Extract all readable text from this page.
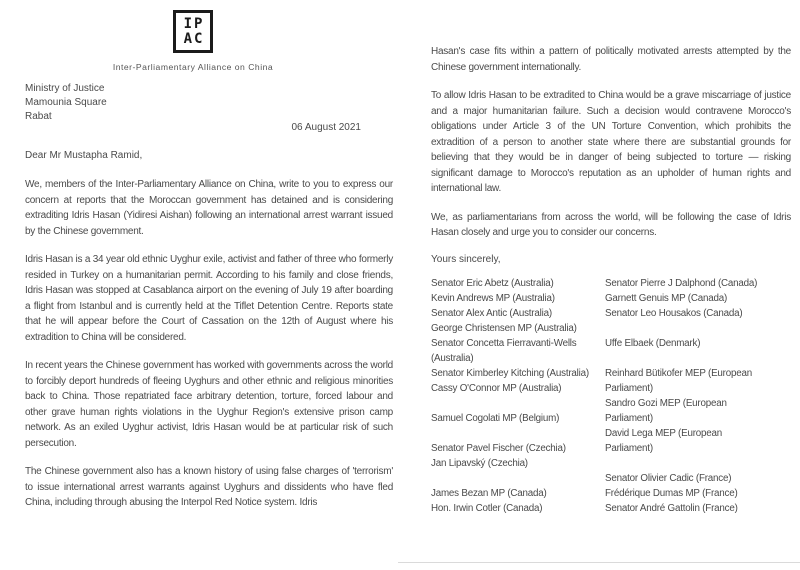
IP
AC
Inter-Parliamentary Alliance on China
Ministry of Justice
Mamounia Square
Rabat
06 August 2021
Dear Mr Mustapha Ramid,

We, members of the Inter-Parliamentary Alliance on China, write to you to express our concern at reports that the Moroccan government has detained and is considering extraditing Idris Hasan (Yidiresi Aishan) following an international arrest warrant issued by the Chinese government.

Idris Hasan is a 34 year old ethnic Uyghur exile, activist and father of three who formerly resided in Turkey on a humanitarian permit. According to his family and close friends, Idris Hasan was stopped at Casablanca airport on the evening of July 19 after boarding a flight from Istanbul and is currently held at the Tiflet Detention Centre. Reports state that he will appear before the Court of Cassation on the 12th of August where his extradition to China will be considered.

In recent years the Chinese government has worked with governments across the world to forcibly deport hundreds of fleeing Uyghurs and other ethnic and religious minorities back to China. Those repatriated face arbitrary detention, torture, forced labour and other grave human rights violations in the Uyghur Region's extensive prison camp network. As an exiled Uyghur activist, Idris Hasan would be at particular risk of such persecution.

The Chinese government also has a known history of using false charges of 'terrorism' to issue international arrest warrants against Uyghurs and dissidents who have fled China, including through abusing the Interpol Red Notice system. Idris

Hasan's case fits within a pattern of politically motivated arrests attempted by the Chinese government internationally.

To allow Idris Hasan to be extradited to China would be a grave miscarriage of justice and a major humanitarian failure. Such a decision would contravene Morocco's obligations under Article 3 of the UN Torture Convention, which prohibits the extradition of a person to another state where there are substantial grounds for believing that they would be in danger of being subjected to torture — risking significant damage to Morocco's reputation as an upholder of human rights and international law.

We, as parliamentarians from across the world, will be following the case of Idris Hasan closely and urge you to consider our concerns.

Yours sincerely,
Senator Eric Abetz (Australia)
Kevin Andrews MP (Australia)
Senator Alex Antic (Australia)
George Christensen MP (Australia)
Senator Concetta Fierravanti-Wells
(Australia)
Senator Kimberley Kitching (Australia)
Cassy O'Connor MP (Australia)
Samuel Cogolati MP (Belgium)
Senator Pavel Fischer (Czechia)
Jan Lipavský (Czechia)
James Bezan MP (Canada)
Hon. Irwin Cotler (Canada)
Senator Pierre J Dalphond (Canada)
Garnett Genuis MP (Canada)
Senator Leo Housakos (Canada)
Uffe Elbaek (Denmark)
Reinhard Bütikofer MEP (European
Parliament)
Sandro Gozi MEP (European
Parliament)
David Lega MEP (European
Parliament)
Senator Olivier Cadic (France)
Frédérique Dumas MP (France)
Senator André Gattolin (France)
